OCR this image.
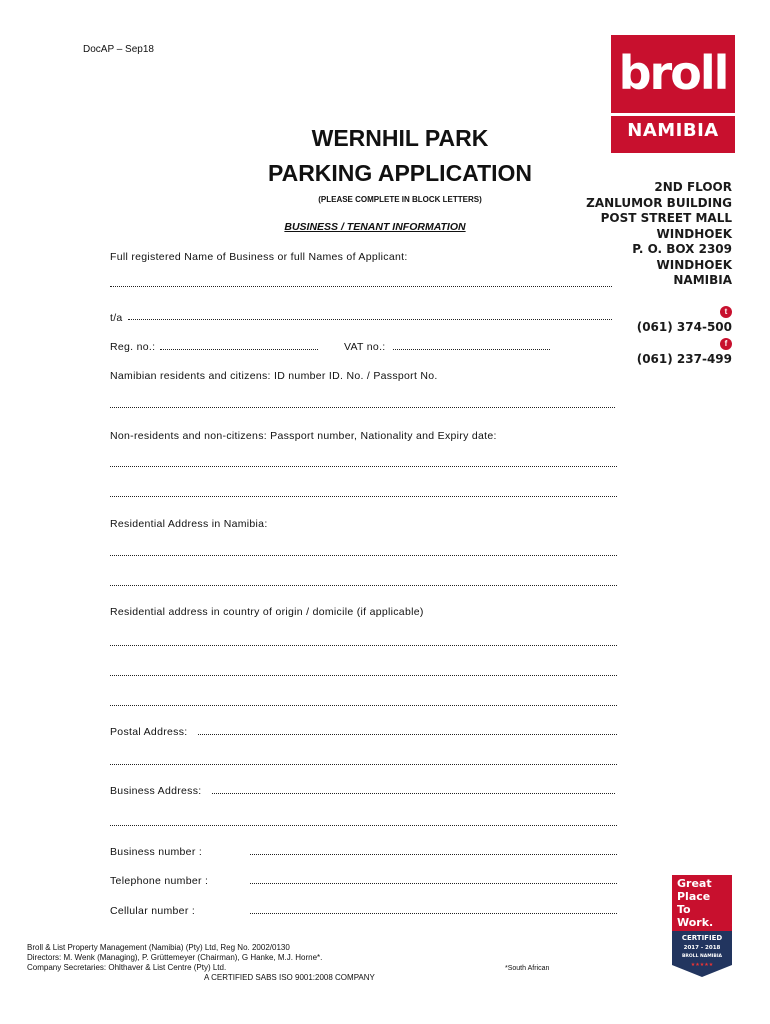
DocAP – Sep18	broll
NAMIBIA
2ND FLOOR
ZANLUMOR BUILDING
POST STREET MALL
WINDHOEK
P. O. BOX 2309
WINDHOEK
NAMIBIA
t
(061) 374-500
f
(061) 237-499
WERNHIL PARK
PARKING APPLICATION
(PLEASE COMPLETE IN BLOCK LETTERS)
BUSINESS / TENANT INFORMATION
Full registered Name of Business or full Names of Applicant:
t/a
Reg. no.:	VAT no.:
Namibian residents and citizens: ID number ID. No. / Passport No.
Non-residents and non-citizens: Passport number, Nationality and Expiry date:
Residential Address in Namibia:
Residential address in country of origin / domicile (if applicable)
Postal Address:
Business Address:
Business number :
Telephone number :
Cellular number :
Broll & List Property Management (Namibia) (Pty) Ltd, Reg No. 2002/0130
Directors: M. Wenk (Managing), P. Grüttemeyer (Chairman), G Hanke, M.J. Horne*.
Company Secretaries: Ohlthaver & List Centre (Pty) Ltd.	*South African
A CERTIFIED SABS ISO 9001:2008 COMPANY
Great
Place
To
Work.
CERTIFIED
2017 - 2018
BROLL NAMIBIA
★★★★★
